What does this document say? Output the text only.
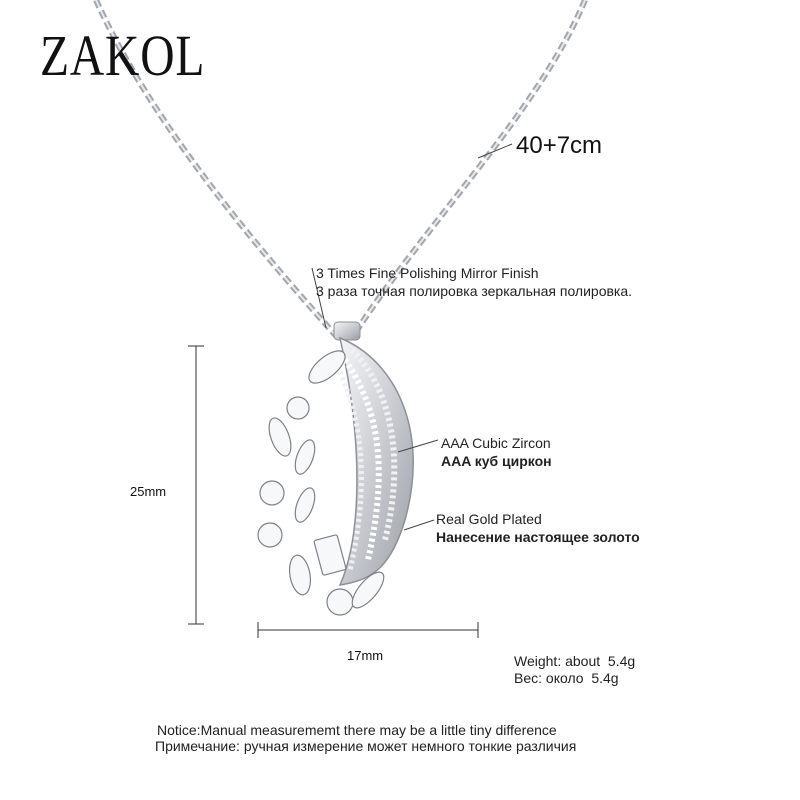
ZAKOL
40+7cm
3 Times Fine Polishing Mirror Finish
3 раза точная полировка зеркальная полировка.
AAA Cubic Zircon
AAA куб циркон
Real Gold Plated
Нанесение настоящее золото
25mm
17mm	Weight: about  5.4g
Вес: около  5.4g
Notice:Manual measurememt there may be a little tiny difference
Примечание: ручная измерение может немного тонкие различия
